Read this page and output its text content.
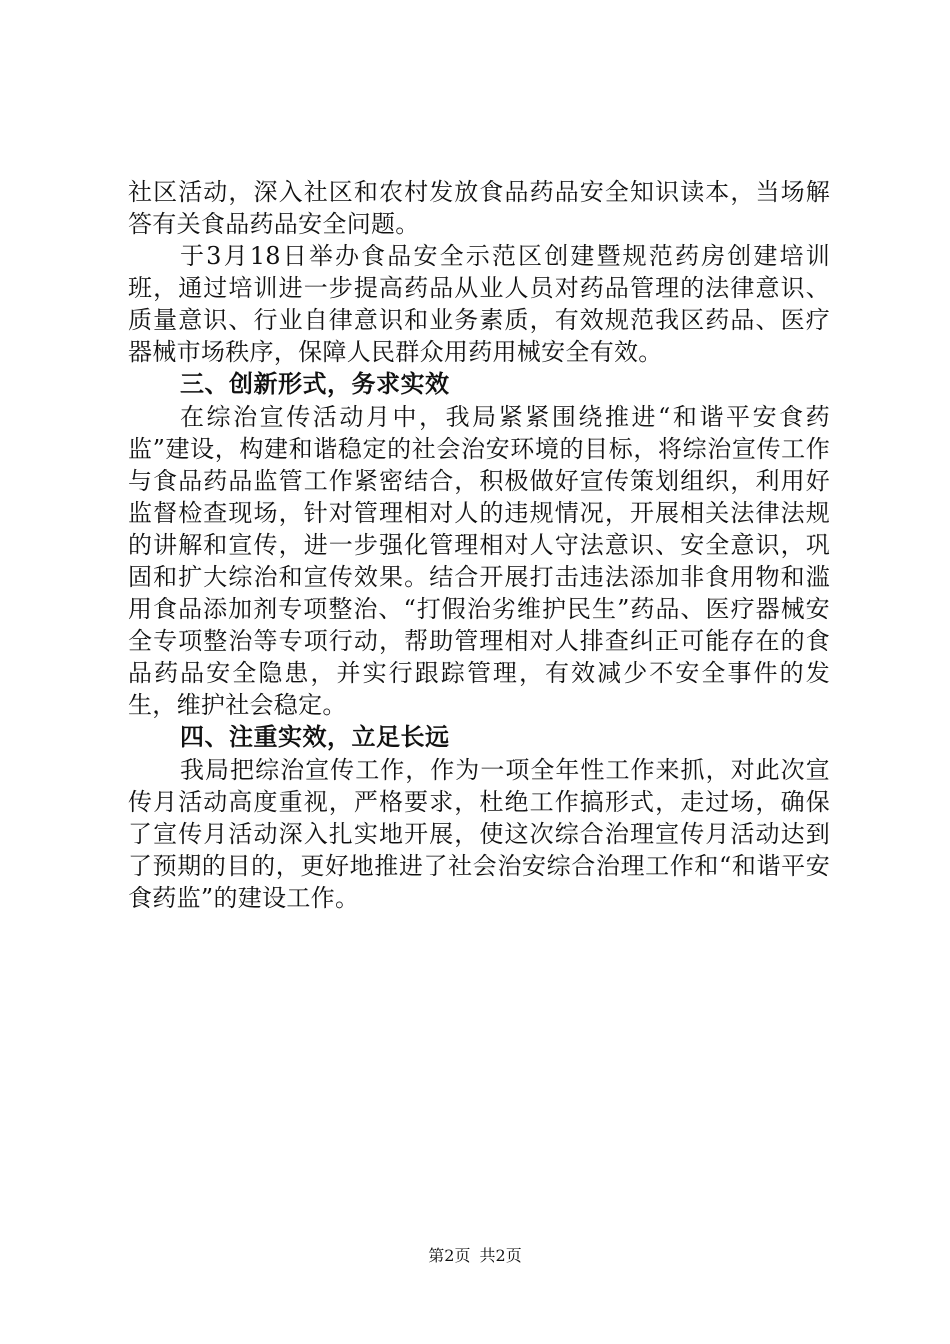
社区活动，深入社区和农村发放食品药品安全知识读本，当场解答有关食品药品安全问题。

于3月18日举办食品安全示范区创建暨规范药房创建培训班，通过培训进一步提高药品从业人员对药品管理的法律意识、质量意识、行业自律意识和业务素质，有效规范我区药品、医疗器械市场秩序，保障人民群众用药用械安全有效。

三、创新形式，务求实效

在综治宣传活动月中，我局紧紧围绕推进“和谐平安食药监”建设，构建和谐稳定的社会治安环境的目标，将综治宣传工作与食品药品监管工作紧密结合，积极做好宣传策划组织，利用好监督检查现场，针对管理相对人的违规情况，开展相关法律法规的讲解和宣传，进一步强化管理相对人守法意识、安全意识，巩固和扩大综治和宣传效果。结合开展打击违法添加非食用物和滥用食品添加剂专项整治、“打假治劣维护民生”药品、医疗器械安全专项整治等专项行动，帮助管理相对人排查纠正可能存在的食品药品安全隐患，并实行跟踪管理，有效减少不安全事件的发生，维护社会稳定。

四、注重实效，立足长远

我局把综治宣传工作，作为一项全年性工作来抓，对此次宣传月活动高度重视，严格要求，杜绝工作搞形式，走过场，确保了宣传月活动深入扎实地开展，使这次综合治理宣传月活动达到了预期的目的，更好地推进了社会治安综合治理工作和“和谐平安食药监”的建设工作。

第2页 共2页
